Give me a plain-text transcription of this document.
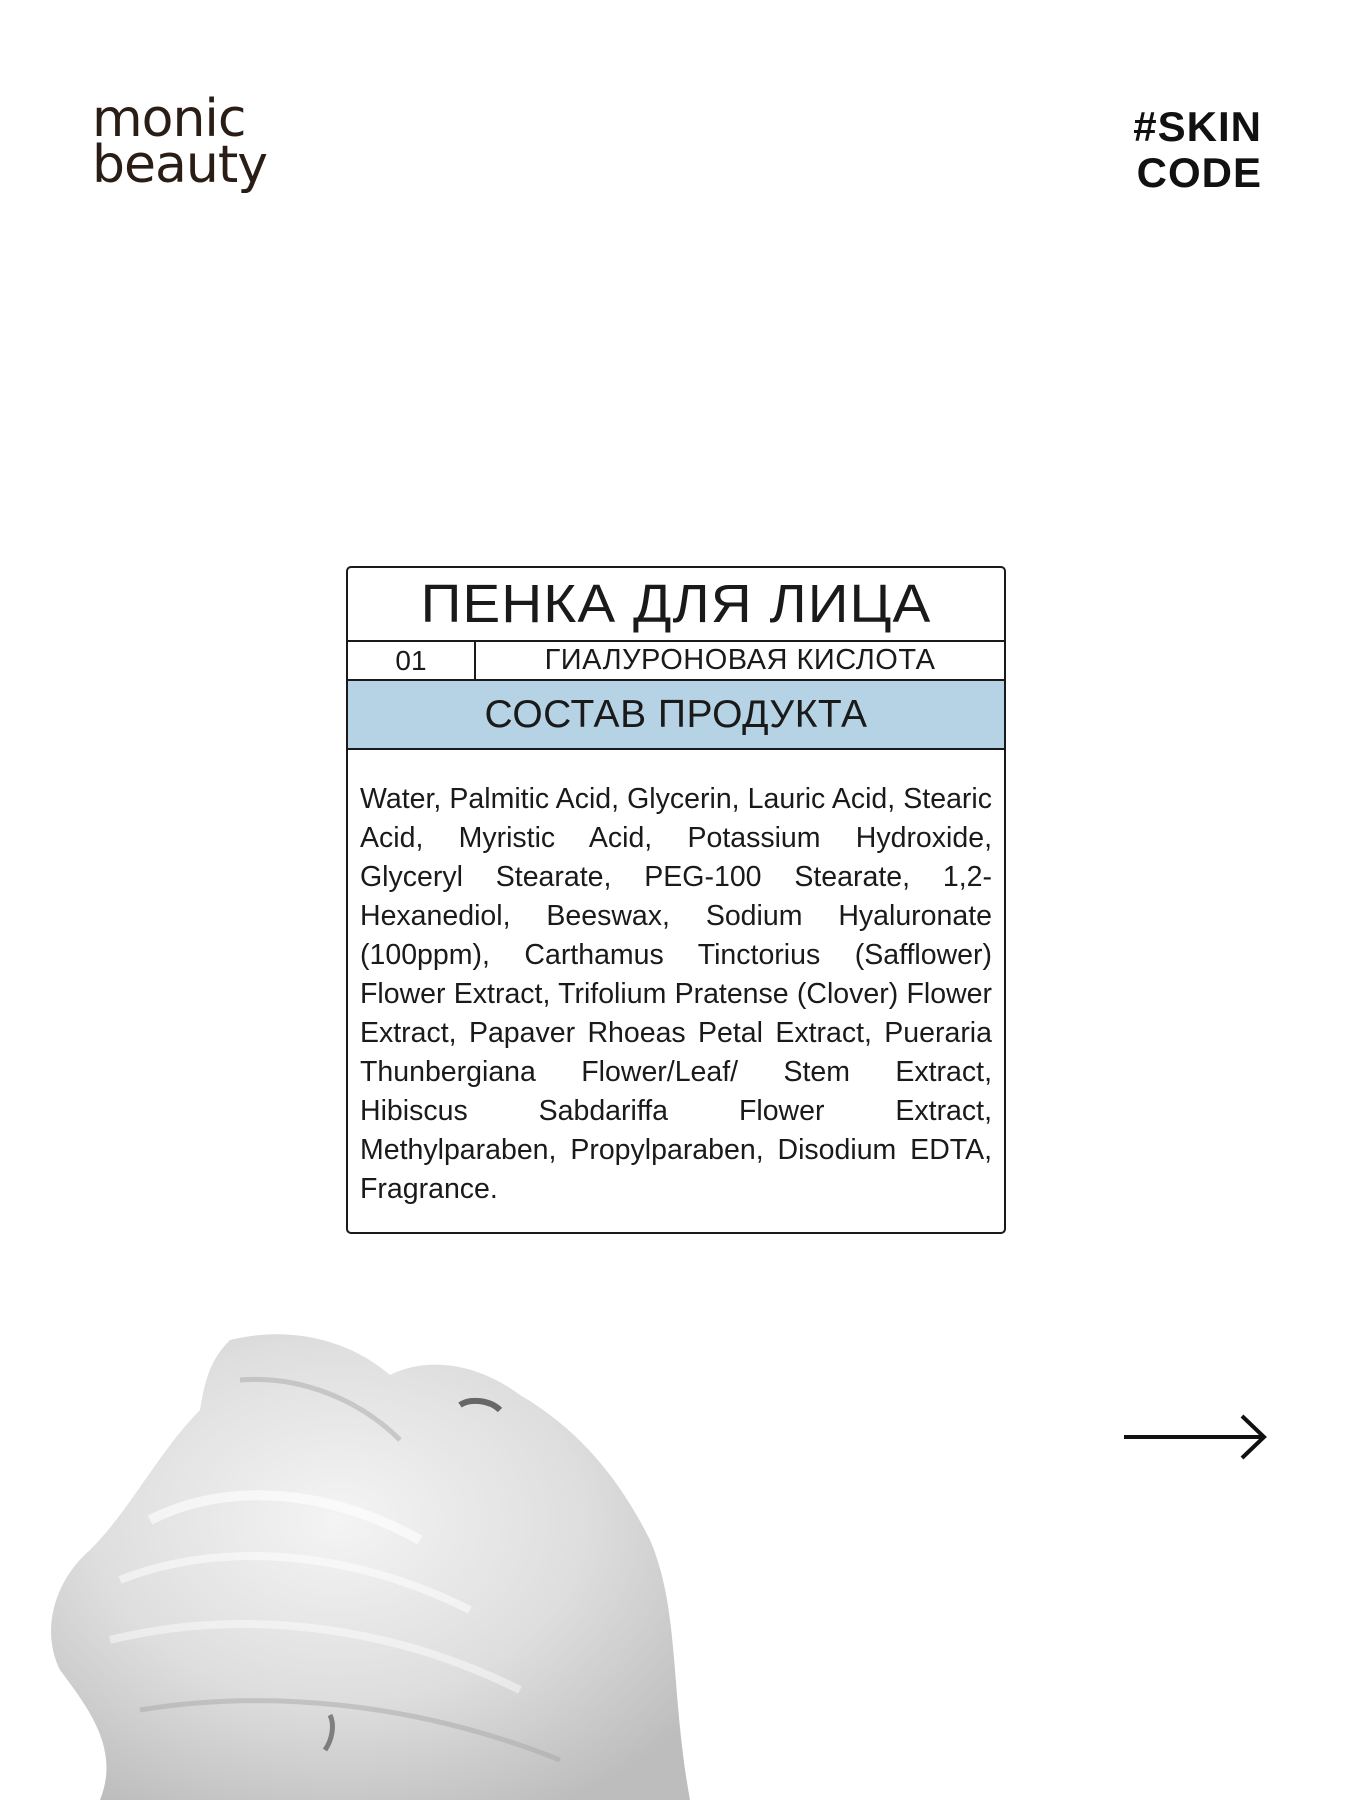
monic
beauty
#SKIN
CODE
ПЕНКА ДЛЯ ЛИЦА
01	ГИАЛУРОНОВАЯ КИСЛОТА
СОСТАВ ПРОДУКТА
Water, Palmitic Acid, Glycerin, Lauric Acid, Stearic Acid, Myristic Acid, Potassium Hydroxide, Glyceryl Stearate, PEG-100 Stearate, 1,2-Hexanediol, Beeswax, Sodium Hyaluronate (100ppm), Carthamus Tinctorius (Safflower) Flower Extract, Trifolium Pratense (Clover) Flower Extract, Papaver Rhoeas Petal Extract, Pueraria Thunbergiana Flower/Leaf/ Stem Extract, Hibiscus Sabdariffa Flower Extract, Methylparaben, Propylparaben, Disodium EDTA, Fragrance.
